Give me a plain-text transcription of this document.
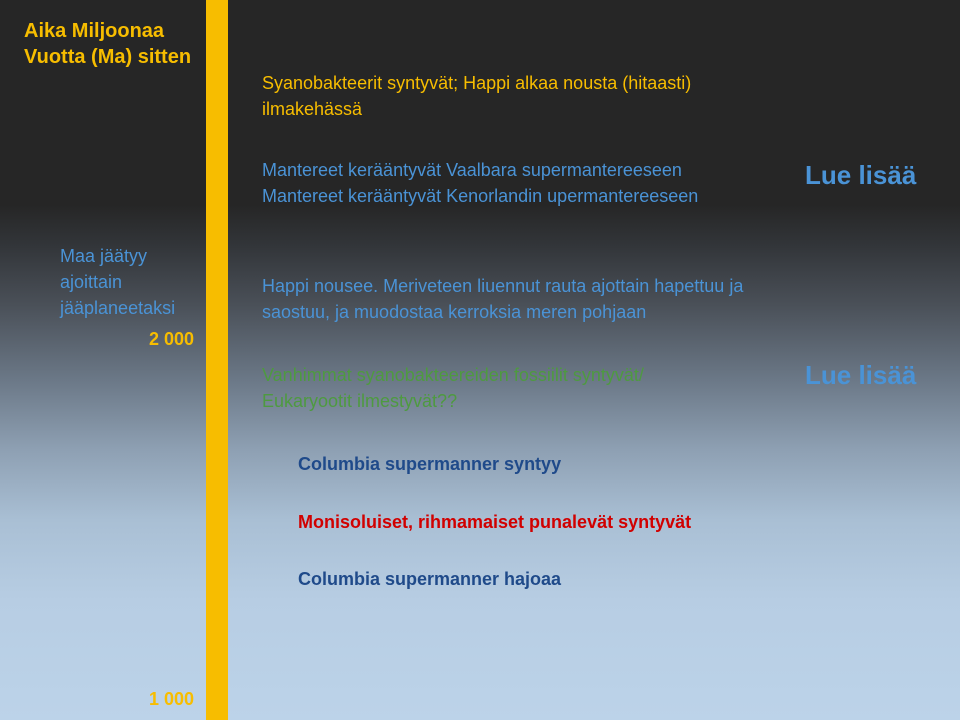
Aika Miljoonaa
Vuotta (Ma) sitten
Maa jäätyy
ajoittain
jääplaneetaksi
2 000
1 000
Syanobakteerit syntyvät; Happi alkaa nousta (hitaasti)
ilmakehässä
Mantereet kerääntyvät Vaalbara supermantereeseen
Mantereet kerääntyvät Kenorlandin upermantereeseen
Lue lisää
Happi nousee. Meriveteen liuennut rauta ajottain hapettuu ja
saostuu, ja muodostaa kerroksia meren pohjaan
Vanhimmat syanobakteereiden fossiilit syntyvät/
Eukaryootit ilmestyvät??
Lue lisää
Columbia supermanner syntyy
Monisoluiset, rihmamaiset punalevät syntyvät
Columbia supermanner hajoaa
